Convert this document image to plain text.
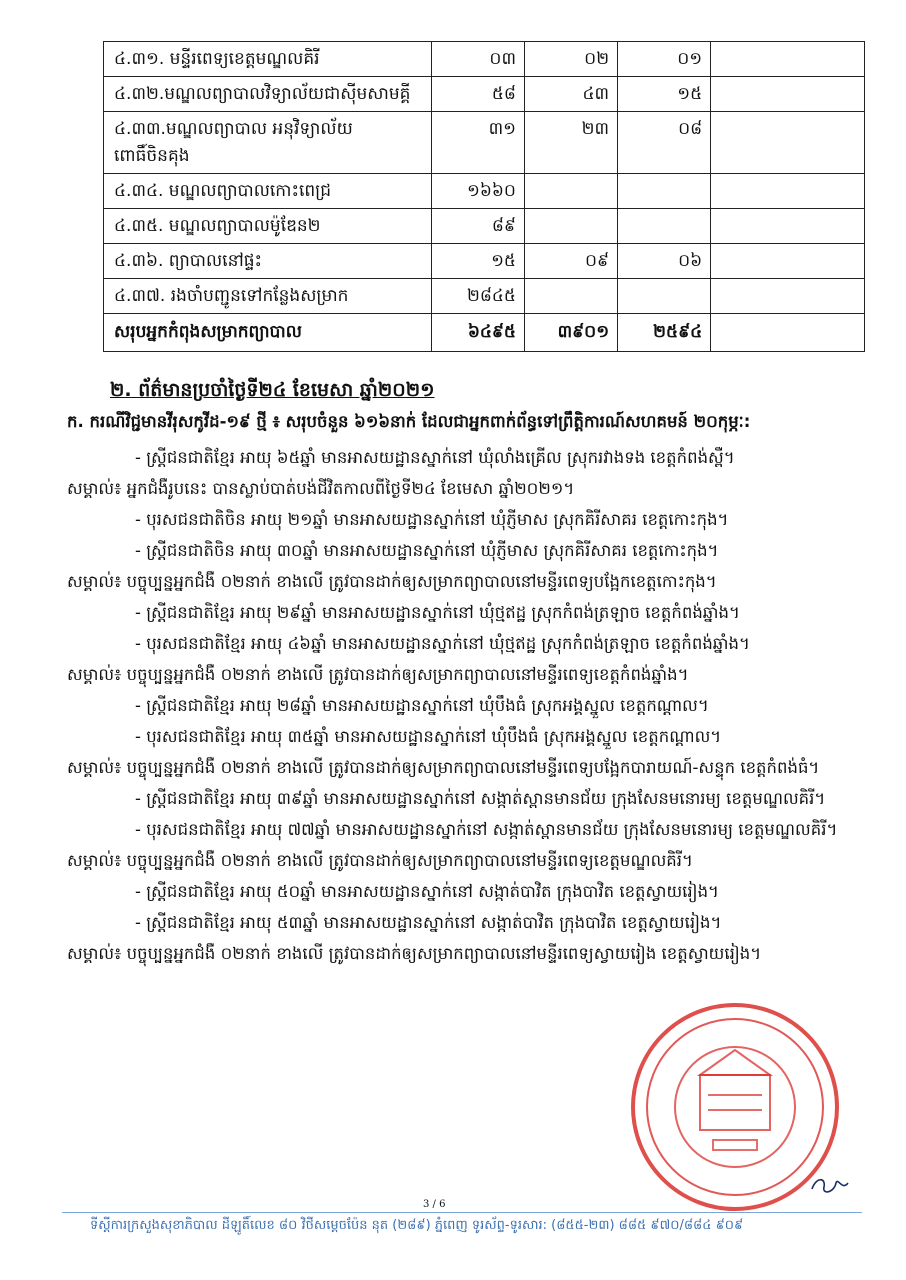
៤.៣១. មន្ទីរពេទ្យខេត្តមណ្ឌលគិរី	០៣	០២	០១	
៤.៣២.មណ្ឌលព្យាបាលវិទ្យាល័យជាស៊ីមសាមគ្គី	៥៨	៤៣	១៥	
៤.៣៣.មណ្ឌលព្យាបាល អនុវិទ្យាល័យពោធិ៍ចិនគុង	៣១	២៣	០៨	
៤.៣៤. មណ្ឌលព្យាបាលកោះពេជ្រ	១៦៦០			
៤.៣៥. មណ្ឌលព្យាបាលម៉ូឌែន២	៨៩			
៤.៣៦. ព្យាបាលនៅផ្ទះ	១៥	០៩	០៦	
៤.៣៧. រងចាំបញ្ជូនទៅកន្លែងសម្រាក	២៨៤៥			
សរុបអ្នកកំពុងសម្រាកព្យាបាល	៦៤៩៥	៣៩០១	២៥៩៤	
២. ព័ត៌មានប្រចាំថ្ងៃទី២៤ ខែមេសា ឆ្នាំ២០២១
ក. ករណីវិជ្ជមានវីរុសកូវីដ-១៩ ថ្មី ៖ សរុបចំនួន ៦១៦នាក់ ដែលជាអ្នកពាក់ព័ន្ធទៅព្រឹត្តិការណ៍សហគមន៍ ២០កុម្ភៈ:
- ស្ត្រីជនជាតិខ្មែរ អាយុ ៦៥ឆ្នាំ មានអាសយដ្ឋានស្នាក់នៅ ឃុំលាំងគ្រើល ស្រុករវាងទង ខេត្តកំពង់ស្ពឺ។
សម្គាល់៖ អ្នកជំងឺរូបនេះ បានស្លាប់បាត់បង់ជីវិតកាលពីថ្ងៃទី២៤ ខែមេសា ឆ្នាំ២០២១។
- បុរសជនជាតិចិន អាយុ ២១ឆ្នាំ មានអាសយដ្ឋានស្នាក់នៅ ឃុំភ្ញីមាស ស្រុកគិរីសាគរ ខេត្តកោះកុង។
- ស្ត្រីជនជាតិចិន អាយុ ៣០ឆ្នាំ មានអាសយដ្ឋានស្នាក់នៅ ឃុំភ្ញីមាស ស្រុកគិរីសាគរ ខេត្តកោះកុង។
សម្គាល់៖ បច្ចុប្បន្នអ្នកជំងឺ ០២នាក់ ខាងលើ ត្រូវបានដាក់ឲ្យសម្រាកព្យាបាលនៅមន្ទីរពេទ្យបង្អែកខេត្តកោះកុង។
- ស្ត្រីជនជាតិខ្មែរ អាយុ ២៩ឆ្នាំ មានអាសយដ្ឋានស្នាក់នៅ ឃុំថ្មឥដ្ឋ ស្រុកកំពង់ត្រឡាច ខេត្តកំពង់ឆ្នាំង។
- បុរសជនជាតិខ្មែរ អាយុ ៤៦ឆ្នាំ មានអាសយដ្ឋានស្នាក់នៅ ឃុំថ្មឥដ្ឋ ស្រុកកំពង់ត្រឡាច ខេត្តកំពង់ឆ្នាំង។
សម្គាល់៖ បច្ចុប្បន្នអ្នកជំងឺ ០២នាក់ ខាងលើ ត្រូវបានដាក់ឲ្យសម្រាកព្យាបាលនៅមន្ទីរពេទ្យខេត្តកំពង់ឆ្នាំង។
- ស្ត្រីជនជាតិខ្មែរ អាយុ ២៨ឆ្នាំ មានអាសយដ្ឋានស្នាក់នៅ ឃុំបឹងធំ ស្រុកអង្គស្នួល ខេត្តកណ្តាល។
- បុរសជនជាតិខ្មែរ អាយុ ៣៥ឆ្នាំ មានអាសយដ្ឋានស្នាក់នៅ ឃុំបឹងធំ ស្រុកអង្គស្នួល ខេត្តកណ្តាល។
សម្គាល់៖ បច្ចុប្បន្នអ្នកជំងឺ ០២នាក់ ខាងលើ ត្រូវបានដាក់ឲ្យសម្រាកព្យាបាលនៅមន្ទីរពេទ្យបង្អែកបារាយណ៍-សន្ទុក ខេត្តកំពង់ធំ។
- ស្ត្រីជនជាតិខ្មែរ អាយុ ៣៩ឆ្នាំ មានអាសយដ្ឋានស្នាក់នៅ សង្កាត់ស្ពានមានជ័យ ក្រុងសែនមនោរម្យ ខេត្តមណ្ឌលគិរី។
- បុរសជនជាតិខ្មែរ អាយុ ៧៧ឆ្នាំ មានអាសយដ្ឋានស្នាក់នៅ សង្កាត់ស្ពានមានជ័យ ក្រុងសែនមនោរម្យ ខេត្តមណ្ឌលគិរី។
សម្គាល់៖ បច្ចុប្បន្នអ្នកជំងឺ ០២នាក់ ខាងលើ ត្រូវបានដាក់ឲ្យសម្រាកព្យាបាលនៅមន្ទីរពេទ្យខេត្តមណ្ឌលគិរី។
- ស្ត្រីជនជាតិខ្មែរ អាយុ ៥០ឆ្នាំ មានអាសយដ្ឋានស្នាក់នៅ សង្កាត់បាវិត ក្រុងបាវិត ខេត្តស្វាយរៀង។
- ស្ត្រីជនជាតិខ្មែរ អាយុ ៥៣ឆ្នាំ មានអាសយដ្ឋានស្នាក់នៅ សង្កាត់បាវិត ក្រុងបាវិត ខេត្តស្វាយរៀង។
សម្គាល់៖ បច្ចុប្បន្នអ្នកជំងឺ ០២នាក់ ខាងលើ ត្រូវបានដាក់ឲ្យសម្រាកព្យាបាលនៅមន្ទីរពេទ្យស្វាយរៀង ខេត្តស្វាយរៀង។
3 / 6
ទីស្តីការក្រសួងសុខាភិបាល ដីឡូតិ៍លេខ ៨០ វិថីសម្តេចប៉ែន នុត (២៨៩) ភ្នំពេញ ទូរស័ព្ទ-ទូរសារ: (៨៥៥-២៣) ៨៨៥ ៩៧០/៨៨៤ ៩០៩
